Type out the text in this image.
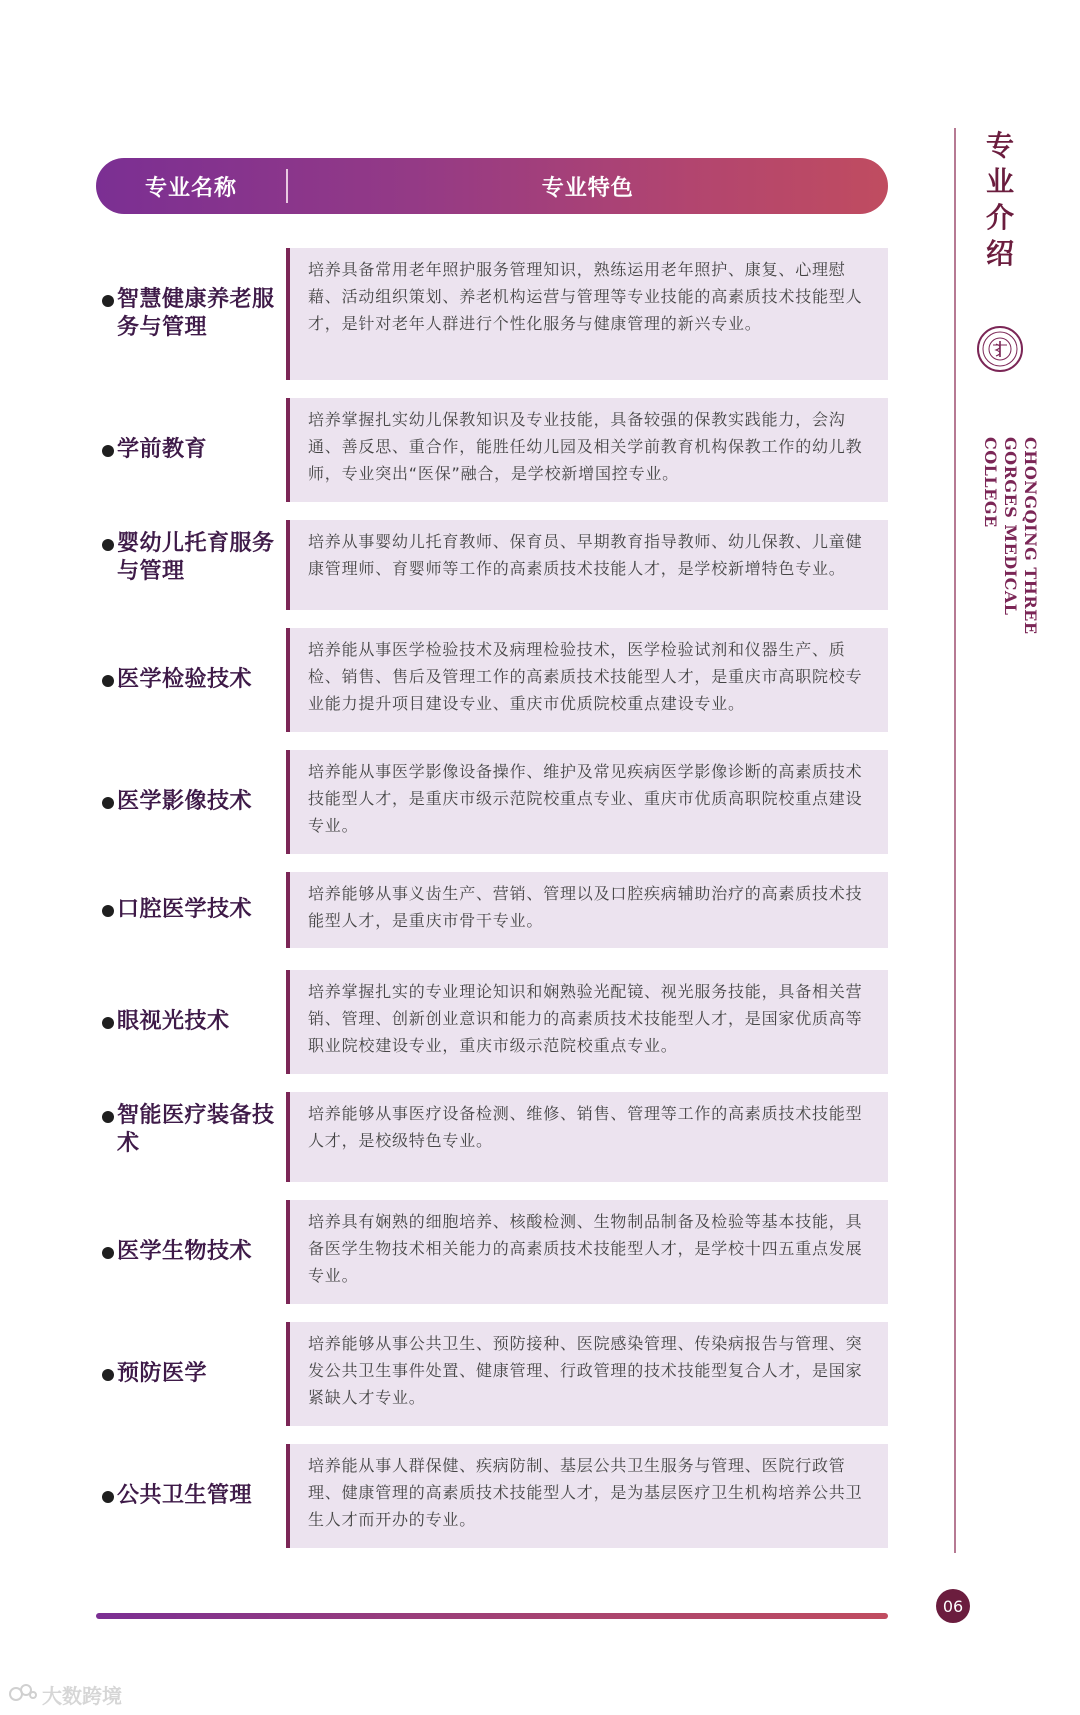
专业名称	专业特色
智慧健康养老服务与管理
培养具备常用老年照护服务管理知识，熟练运用老年照护、康复、心理慰藉、活动组织策划、养老机构运营与管理等专业技能的高素质技术技能型人才，是针对老年人群进行个性化服务与健康管理的新兴专业。
学前教育
培养掌握扎实幼儿保教知识及专业技能，具备较强的保教实践能力，会沟通、善反思、重合作，能胜任幼儿园及相关学前教育机构保教工作的幼儿教师，专业突出“医保”融合，是学校新增国控专业。
婴幼儿托育服务与管理
培养从事婴幼儿托育教师、保育员、早期教育指导教师、幼儿保教、儿童健康管理师、育婴师等工作的高素质技术技能人才，是学校新增特色专业。
医学检验技术
培养能从事医学检验技术及病理检验技术，医学检验试剂和仪器生产、质检、销售、售后及管理工作的高素质技术技能型人才，是重庆市高职院校专业能力提升项目建设专业、重庆市优质院校重点建设专业。
医学影像技术
培养能从事医学影像设备操作、维护及常见疾病医学影像诊断的高素质技术技能型人才，是重庆市级示范院校重点专业、重庆市优质高职院校重点建设专业。
口腔医学技术
培养能够从事义齿生产、营销、管理以及口腔疾病辅助治疗的高素质技术技能型人才，是重庆市骨干专业。
眼视光技术
培养掌握扎实的专业理论知识和娴熟验光配镜、视光服务技能，具备相关营销、管理、创新创业意识和能力的高素质技术技能型人才，是国家优质高等职业院校建设专业，重庆市级示范院校重点专业。
智能医疗装备技术
培养能够从事医疗设备检测、维修、销售、管理等工作的高素质技术技能型人才，是校级特色专业。
医学生物技术
培养具有娴熟的细胞培养、核酸检测、生物制品制备及检验等基本技能，具备医学生物技术相关能力的高素质技术技能型人才，是学校十四五重点发展专业。
预防医学
培养能够从事公共卫生、预防接种、医院感染管理、传染病报告与管理、突发公共卫生事件处置、健康管理、行政管理的技术技能型复合人才，是国家紧缺人才专业。
公共卫生管理
培养能从事人群保健、疾病防制、基层公共卫生服务与管理、医院行政管理、健康管理的高素质技术技能型人才，是为基层医疗卫生机构培养公共卫生人才而开办的专业。
专业介绍
CHONGQING THREE GORGES MEDICAL COLLEGE
06
大数跨境
